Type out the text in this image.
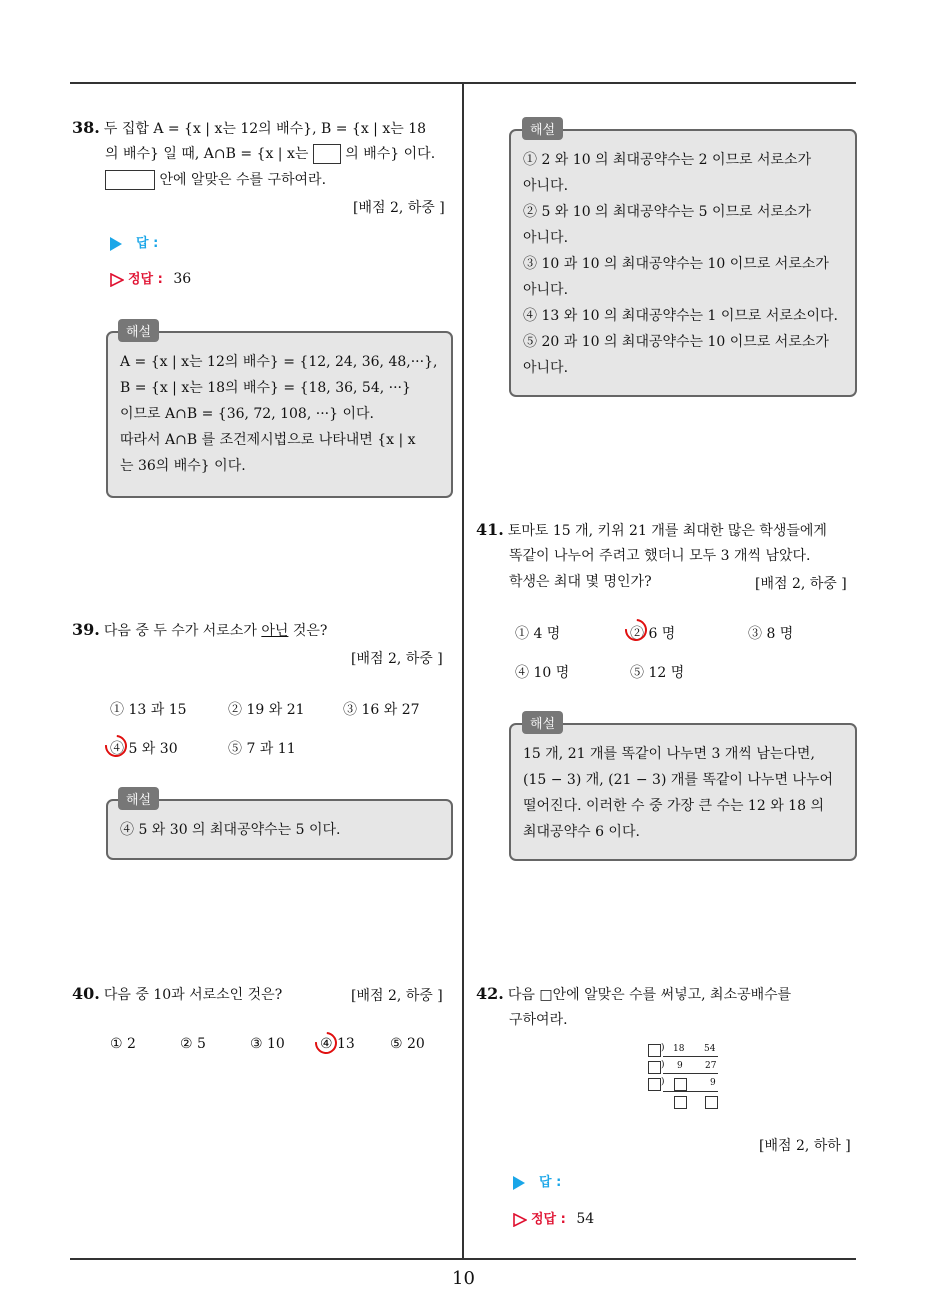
10
38. 두 집합 A = {x | x는 12의 배수}, B = {x | x는 18
의 배수} 일 때, A∩B = {x | x는  의 배수} 이다.
안에 알맞은 수를 구하여라.
[배점 2, 하중 ]
답 :
정답 : 36
A = {x | x는 12의 배수} = {12, 24, 36, 48,···},
B = {x | x는 18의 배수} = {18, 36, 54, ···}
이므로 A∩B = {36, 72, 108, ···} 이다.
따라서 A∩B 를 조건제시법으로 나타내면 {x | x
는 36의 배수} 이다.
해설
39. 다음 중 두 수가 서로소가 아닌 것은?
[배점 2, 하중 ]
① 13 과 15	② 19 와 21	③ 16 와 27
④ 5 와 30	⑤ 7 과 11
④ 5 와 30 의 최대공약수는 5 이다.
해설
40. 다음 중 10과 서로소인 것은?	[배점 2, 하중 ]
① 2	② 5	③ 10	④ 13	⑤ 20
① 2 와 10 의 최대공약수는 2 이므로 서로소가
아니다.
② 5 와 10 의 최대공약수는 5 이므로 서로소가
아니다.
③ 10 과 10 의 최대공약수는 10 이므로 서로소가
아니다.
④ 13 와 10 의 최대공약수는 1 이므로 서로소이다.
⑤ 20 과 10 의 최대공약수는 10 이므로 서로소가
아니다.
해설
41. 토마토 15 개, 키위 21 개를 최대한 많은 학생들에게
똑같이 나누어 주려고 했더니 모두 3 개씩 남았다.
학생은 최대 몇 명인가?	[배점 2, 하중 ]
① 4 명	② 6 명	③ 8 명
④ 10 명	⑤ 12 명
15 개, 21 개를 똑같이 나누면 3 개씩 남는다면,
(15 − 3) 개, (21 − 3) 개를 똑같이 나누면 나누어
떨어진다. 이러한 수 중 가장 큰 수는 12 와 18 의
최대공약수 6 이다.
해설
42. 다음 □안에 알맞은 수를 써넣고, 최소공배수를
구하여라.
) 18 54
) 9 27
)	9
[배점 2, 하하 ]
답 :
정답 : 54
